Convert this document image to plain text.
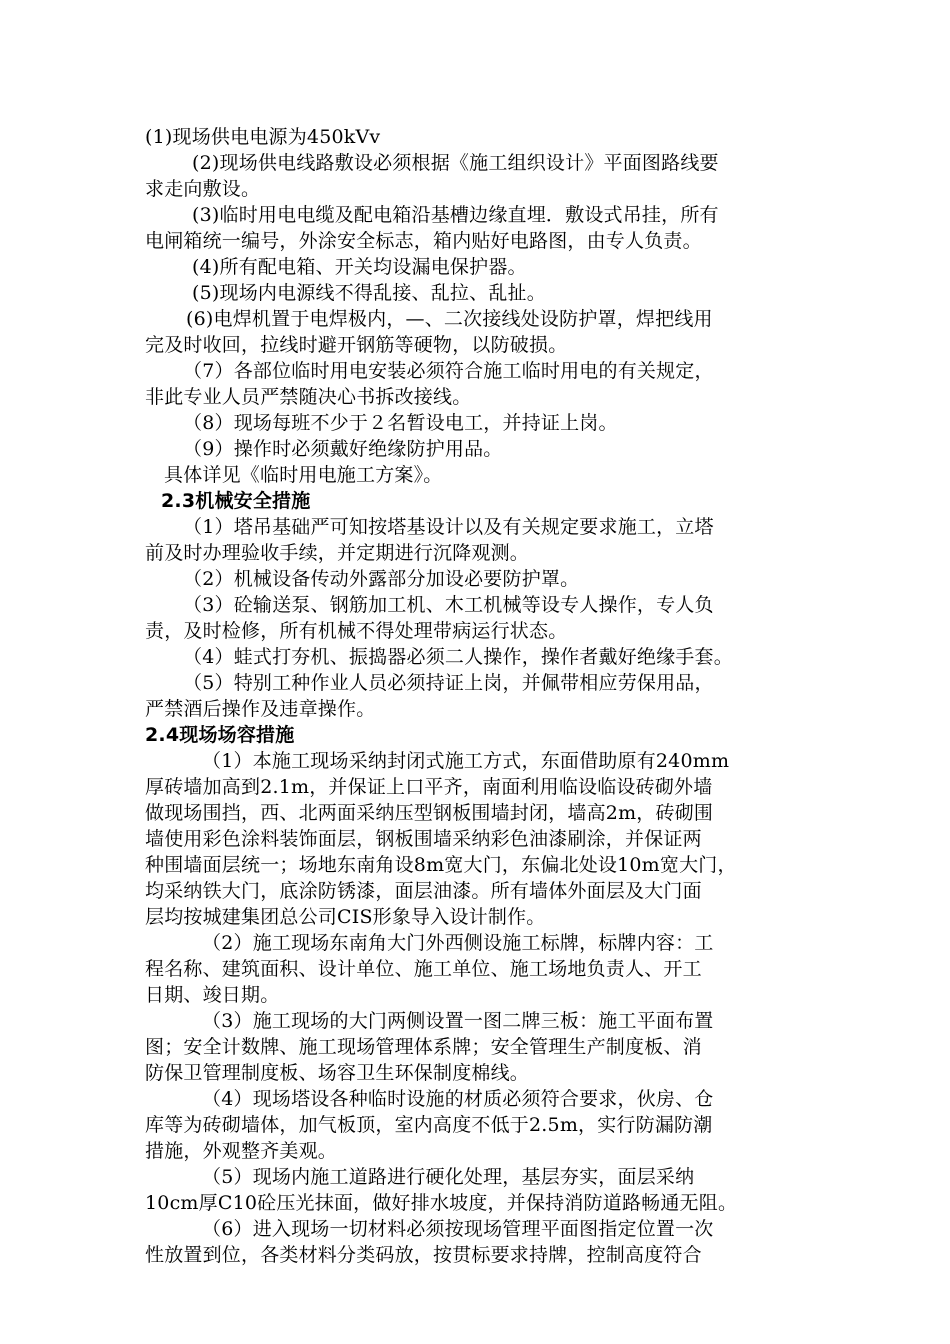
(1)现场供电电源为450kVv
(2)现场供电线路敷设必须根据《施工组织设计》平面图路线要
求走向敷设。
(3)临时用电电缆及配电箱沿基槽边缘直埋．敷设式吊挂，所有
电闸箱统一编号，外涂安全标志，箱内贴好电路图，由专人负责。
(4)所有配电箱、开关均设漏电保护器。
(5)现场内电源线不得乱接、乱拉、乱扯。
(6)电焊机置于电焊极内，—、二次接线处设防护罩，焊把线用
完及时收回，拉线时避开钢筋等硬物，以防破损。
（7）各部位临时用电安装必须符合施工临时用电的有关规定，
非此专业人员严禁随决心书拆改接线。
（8）现场每班不少于２名暂设电工，并持证上岗。
（9）操作时必须戴好绝缘防护用品。
具体详见《临时用电施工方案》。
2.3机械安全措施
（1）塔吊基础严可知按塔基设计以及有关规定要求施工，立塔
前及时办理验收手续，并定期进行沉降观测。
（2）机械设备传动外露部分加设必要防护罩。
（3）砼输送泵、钢筋加工机、木工机械等设专人操作，专人负
责，及时检修，所有机械不得处理带病运行状态。
（4）蛙式打夯机、振捣器必须二人操作，操作者戴好绝缘手套。
（5）特别工种作业人员必须持证上岗，并佩带相应劳保用品，
严禁酒后操作及违章操作。
2.4现场场容措施
（1）本施工现场采纳封闭式施工方式，东面借助原有240mm
厚砖墙加高到2.1m，并保证上口平齐，南面利用临设临设砖砌外墙
做现场围挡，西、北两面采纳压型钢板围墙封闭，墙高2m，砖砌围
墙使用彩色涂料装饰面层，钢板围墙采纳彩色油漆刷涂，并保证两
种围墙面层统一；场地东南角设8m宽大门，东偏北处设10m宽大门，
均采纳铁大门，底涂防锈漆，面层油漆。所有墙体外面层及大门面
层均按城建集团总公司CIS形象导入设计制作。
（2）施工现场东南角大门外西侧设施工标牌，标牌内容：工
程名称、建筑面积、设计单位、施工单位、施工场地负责人、开工
日期、竣日期。
（3）施工现场的大门两侧设置一图二牌三板：施工平面布置
图；安全计数牌、施工现场管理体系牌；安全管理生产制度板、消
防保卫管理制度板、场容卫生环保制度棉线。
（4）现场塔设各种临时设施的材质必须符合要求，伙房、仓
库等为砖砌墙体，加气板顶，室内高度不低于2.5m，实行防漏防潮
措施，外观整齐美观。
（5）现场内施工道路进行硬化处理，基层夯实，面层采纳
10cm厚C10砼压光抹面，做好排水坡度，并保持消防道路畅通无阻。
（6）进入现场一切材料必须按现场管理平面图指定位置一次
性放置到位，各类材料分类码放，按贯标要求持牌，控制高度符合
